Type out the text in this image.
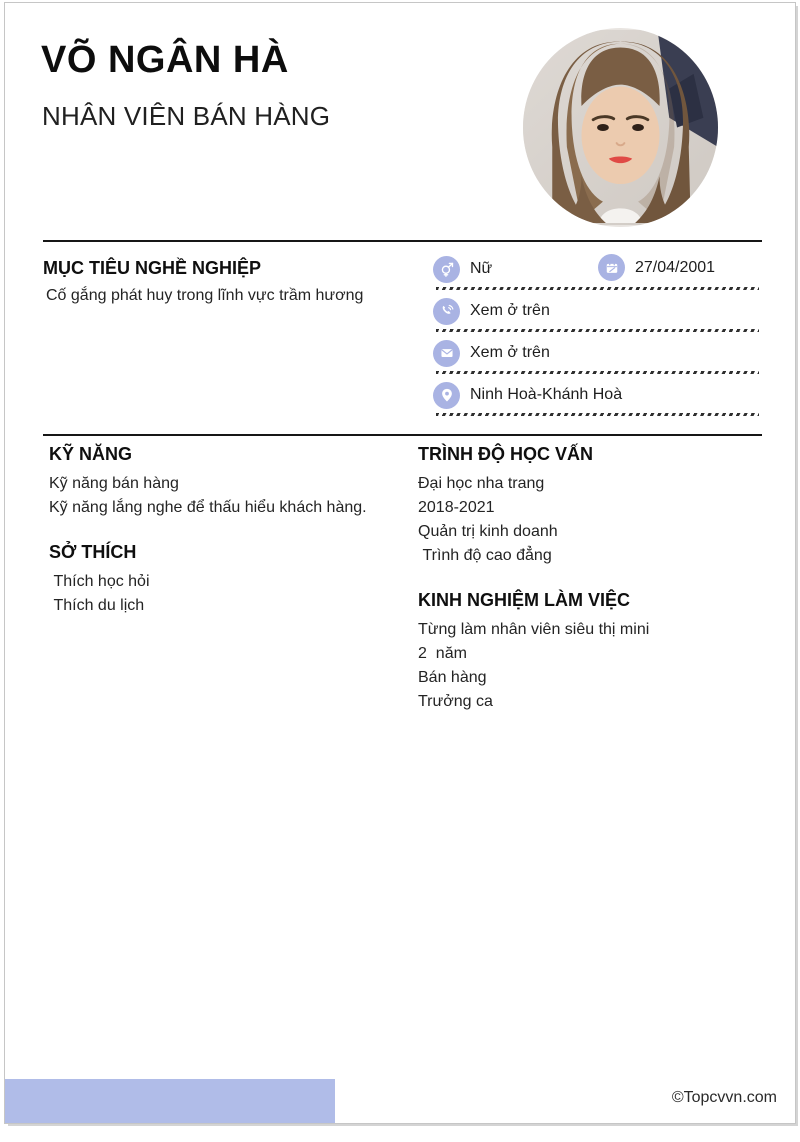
VÕ NGÂN HÀ
NHÂN VIÊN BÁN HÀNG
MỤC TIÊU NGHỀ NGHIỆP
Cố gắng phát huy trong lĩnh vực trầm hương
Nữ	27/04/2001
Xem ở trên
Xem ở trên
Ninh Hoà-Khánh Hoà
KỸ NĂNG
Kỹ năng bán hàng
Kỹ năng lắng nghe để thấu hiểu khách hàng.
SỞ THÍCH
Thích học hỏi
Thích du lịch
TRÌNH ĐỘ HỌC VẤN
Đại học nha trang
2018-2021
Quản trị kinh doanh
Trình độ cao đẳng
KINH NGHIỆM LÀM VIỆC
Từng làm nhân viên siêu thị mini
2  năm
Bán hàng
Trưởng ca
©Topcvvn.com
